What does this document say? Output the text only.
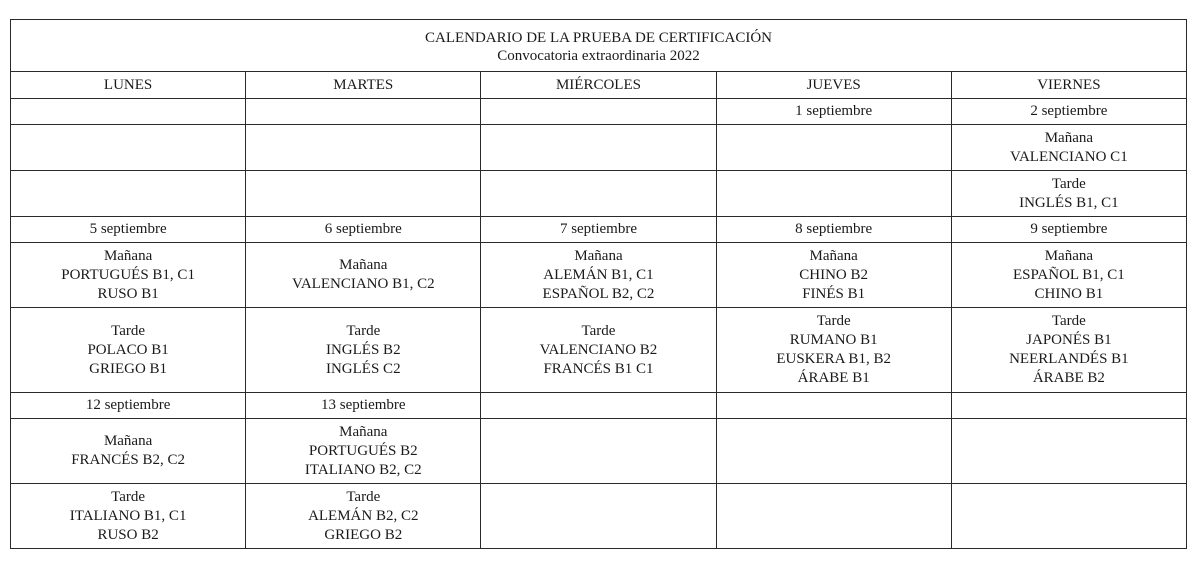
CALENDARIO DE LA PRUEBA DE CERTIFICACIÓN
Convocatoria extraordinaria 2022				

LUNES	MARTES	MIÉRCOLES	JUEVES	VIERNES

			1 septiembre	2 septiembre

				Mañana
VALENCIANO C1

				Tarde
INGLÉS B1, C1

5 septiembre	6 septiembre	7 septiembre	8 septiembre	9 septiembre

Mañana
PORTUGUÉS B1, C1
RUSO B1	Mañana
VALENCIANO B1, C2	Mañana
ALEMÁN B1, C1
ESPAÑOL B2, C2	Mañana
CHINO B2
FINÉS B1	Mañana
ESPAÑOL B1, C1
CHINO B1

Tarde
POLACO B1
GRIEGO B1	Tarde
INGLÉS B2
INGLÉS C2	Tarde
VALENCIANO B2
FRANCÉS B1 C1	Tarde
RUMANO B1
EUSKERA B1, B2
ÁRABE B1	Tarde
JAPONÉS B1
NEERLANDÉS B1
ÁRABE B2

12 septiembre	13 septiembre			

Mañana
FRANCÉS B2, C2	Mañana
PORTUGUÉS B2
ITALIANO B2, C2			

Tarde
ITALIANO B1, C1
RUSO B2	Tarde
ALEMÁN B2, C2
GRIEGO B2			
